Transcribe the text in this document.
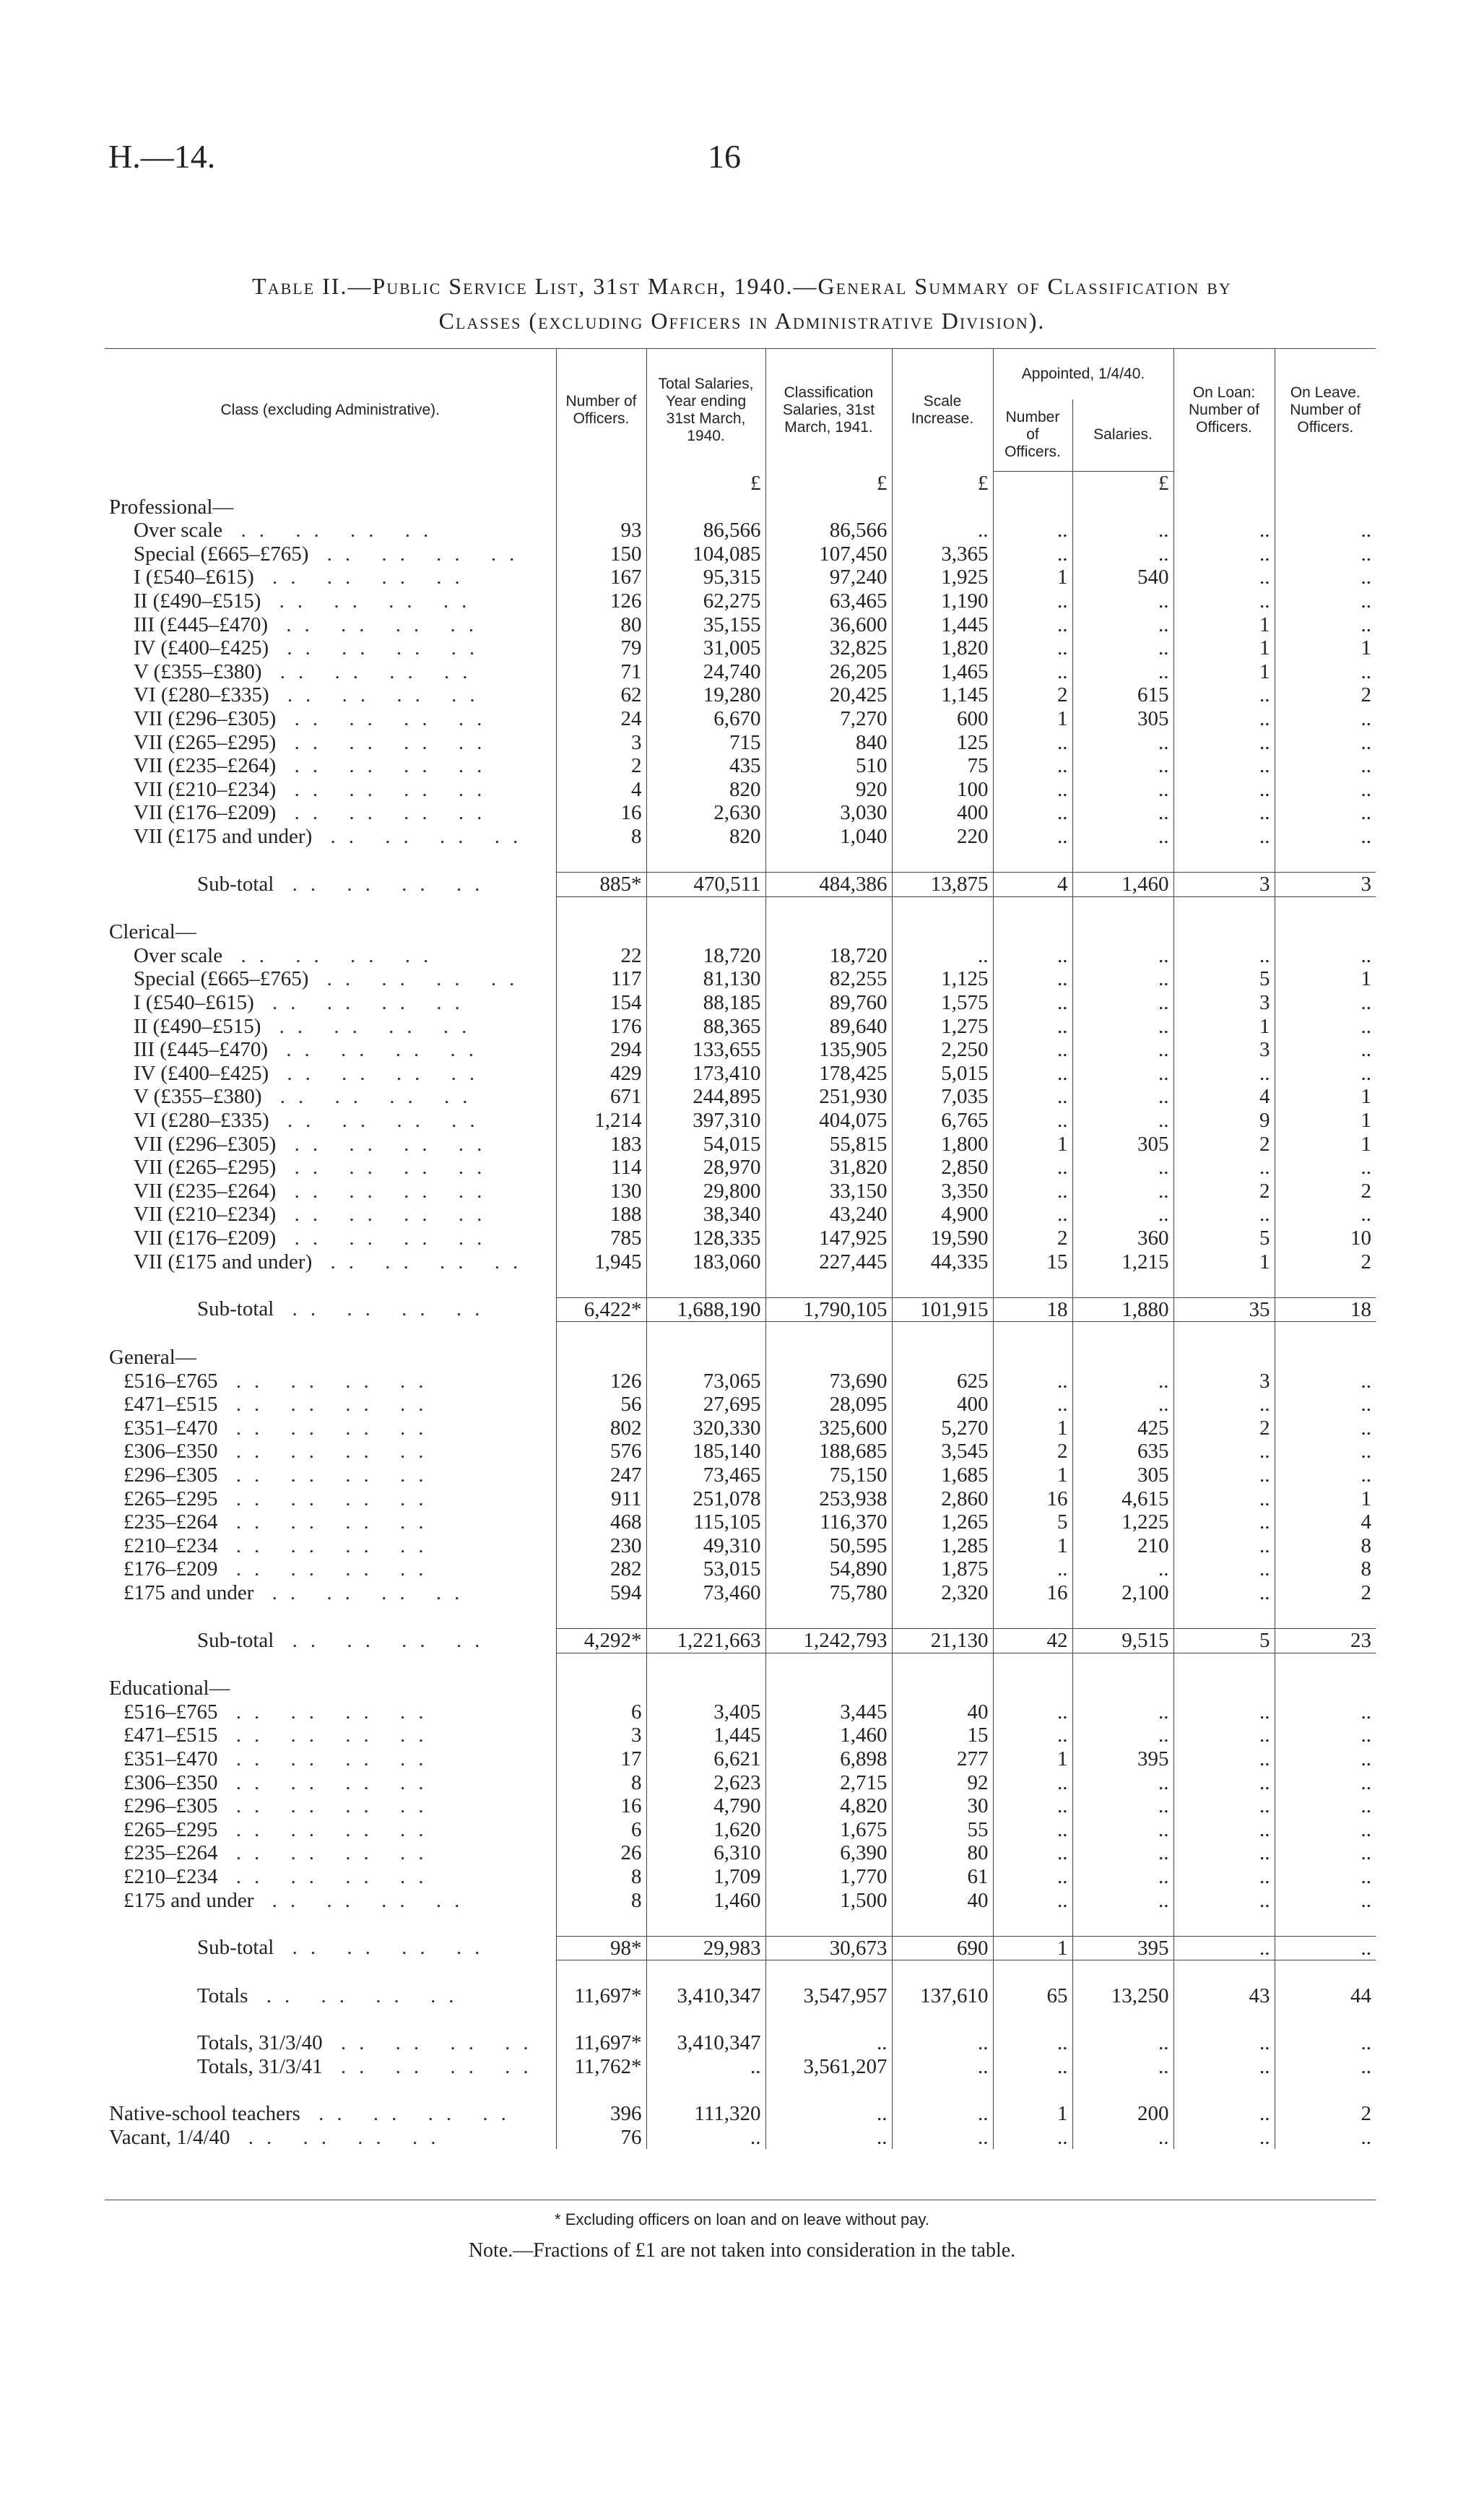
H.—14.	16
Table II.—Public Service List, 31st March, 1940.—General Summary of Classification by
Classes (excluding Officers in Administrative Division).
Class (excluding Administrative).	Number of Officers.	Total Salaries, Year ending 31st March, 1940.	Classification Salaries, 31st March, 1941.	Scale Increase.	Appointed, 1/4/40.		On Loan: Number of Officers.	On Leave. Number of Officers.
					Number of Officers.	Salaries.		
		£	£	£		£		
Professional—								
Over scale .. .. .. ..	93	86,566	86,566	..	..	..	..	..
Special (£665–£765) .. .. .. ..	150	104,085	107,450	3,365	..	..	..	..
I (£540–£615) .. .. .. ..	167	95,315	97,240	1,925	1	540	..	..
II (£490–£515) .. .. .. ..	126	62,275	63,465	1,190	..	..	..	..
III (£445–£470) .. .. .. ..	80	35,155	36,600	1,445	..	..	1	..
IV (£400–£425) .. .. .. ..	79	31,005	32,825	1,820	..	..	1	1
V (£355–£380) .. .. .. ..	71	24,740	26,205	1,465	..	..	1	..
VI (£280–£335) .. .. .. ..	62	19,280	20,425	1,145	2	615	..	2
VII (£296–£305) .. .. .. ..	24	6,670	7,270	600	1	305	..	..
VII (£265–£295) .. .. .. ..	3	715	840	125	..	..	..	..
VII (£235–£264) .. .. .. ..	2	435	510	75	..	..	..	..
VII (£210–£234) .. .. .. ..	4	820	920	100	..	..	..	..
VII (£176–£209) .. .. .. ..	16	2,630	3,030	400	..	..	..	..
VII (£175 and under) .. .. .. ..	8	820	1,040	220	..	..	..	..

Sub-total .. .. .. ..	885*	470,511	484,386	13,875	4	1,460	3	3

Clerical—								
Over scale .. .. .. ..	22	18,720	18,720	..	..	..	..	..
Special (£665–£765) .. .. .. ..	117	81,130	82,255	1,125	..	..	5	1
I (£540–£615) .. .. .. ..	154	88,185	89,760	1,575	..	..	3	..
II (£490–£515) .. .. .. ..	176	88,365	89,640	1,275	..	..	1	..
III (£445–£470) .. .. .. ..	294	133,655	135,905	2,250	..	..	3	..
IV (£400–£425) .. .. .. ..	429	173,410	178,425	5,015	..	..	..	..
V (£355–£380) .. .. .. ..	671	244,895	251,930	7,035	..	..	4	1
VI (£280–£335) .. .. .. ..	1,214	397,310	404,075	6,765	..	..	9	1
VII (£296–£305) .. .. .. ..	183	54,015	55,815	1,800	1	305	2	1
VII (£265–£295) .. .. .. ..	114	28,970	31,820	2,850	..	..	..	..
VII (£235–£264) .. .. .. ..	130	29,800	33,150	3,350	..	..	2	2
VII (£210–£234) .. .. .. ..	188	38,340	43,240	4,900	..	..	..	..
VII (£176–£209) .. .. .. ..	785	128,335	147,925	19,590	2	360	5	10
VII (£175 and under) .. .. .. ..	1,945	183,060	227,445	44,335	15	1,215	1	2

Sub-total .. .. .. ..	6,422*	1,688,190	1,790,105	101,915	18	1,880	35	18

General—								
£516–£765 .. .. .. ..	126	73,065	73,690	625	..	..	3	..
£471–£515 .. .. .. ..	56	27,695	28,095	400	..	..	..	..
£351–£470 .. .. .. ..	802	320,330	325,600	5,270	1	425	2	..
£306–£350 .. .. .. ..	576	185,140	188,685	3,545	2	635	..	..
£296–£305 .. .. .. ..	247	73,465	75,150	1,685	1	305	..	..
£265–£295 .. .. .. ..	911	251,078	253,938	2,860	16	4,615	..	1
£235–£264 .. .. .. ..	468	115,105	116,370	1,265	5	1,225	..	4
£210–£234 .. .. .. ..	230	49,310	50,595	1,285	1	210	..	8
£176–£209 .. .. .. ..	282	53,015	54,890	1,875	..	..	..	8
£175 and under .. .. .. ..	594	73,460	75,780	2,320	16	2,100	..	2

Sub-total .. .. .. ..	4,292*	1,221,663	1,242,793	21,130	42	9,515	5	23

Educational—								
£516–£765 .. .. .. ..	6	3,405	3,445	40	..	..	..	..
£471–£515 .. .. .. ..	3	1,445	1,460	15	..	..	..	..
£351–£470 .. .. .. ..	17	6,621	6,898	277	1	395	..	..
£306–£350 .. .. .. ..	8	2,623	2,715	92	..	..	..	..
£296–£305 .. .. .. ..	16	4,790	4,820	30	..	..	..	..
£265–£295 .. .. .. ..	6	1,620	1,675	55	..	..	..	..
£235–£264 .. .. .. ..	26	6,310	6,390	80	..	..	..	..
£210–£234 .. .. .. ..	8	1,709	1,770	61	..	..	..	..
£175 and under .. .. .. ..	8	1,460	1,500	40	..	..	..	..

Sub-total .. .. .. ..	98*	29,983	30,673	690	1	395	..	..

Totals .. .. .. ..	11,697*	3,410,347	3,547,957	137,610	65	13,250	43	44

Totals, 31/3/40 .. .. .. ..	11,697*	3,410,347	..	..	..	..	..	..
Totals, 31/3/41 .. .. .. ..	11,762*	..	3,561,207	..	..	..	..	..

Native-school teachers .. .. .. ..	396	111,320	..	..	1	200	..	2
Vacant, 1/4/40 .. .. .. ..	76	..	..	..	..	..	..	..
* Excluding officers on loan and on leave without pay.
Note.—Fractions of £1 are not taken into consideration in the table.
